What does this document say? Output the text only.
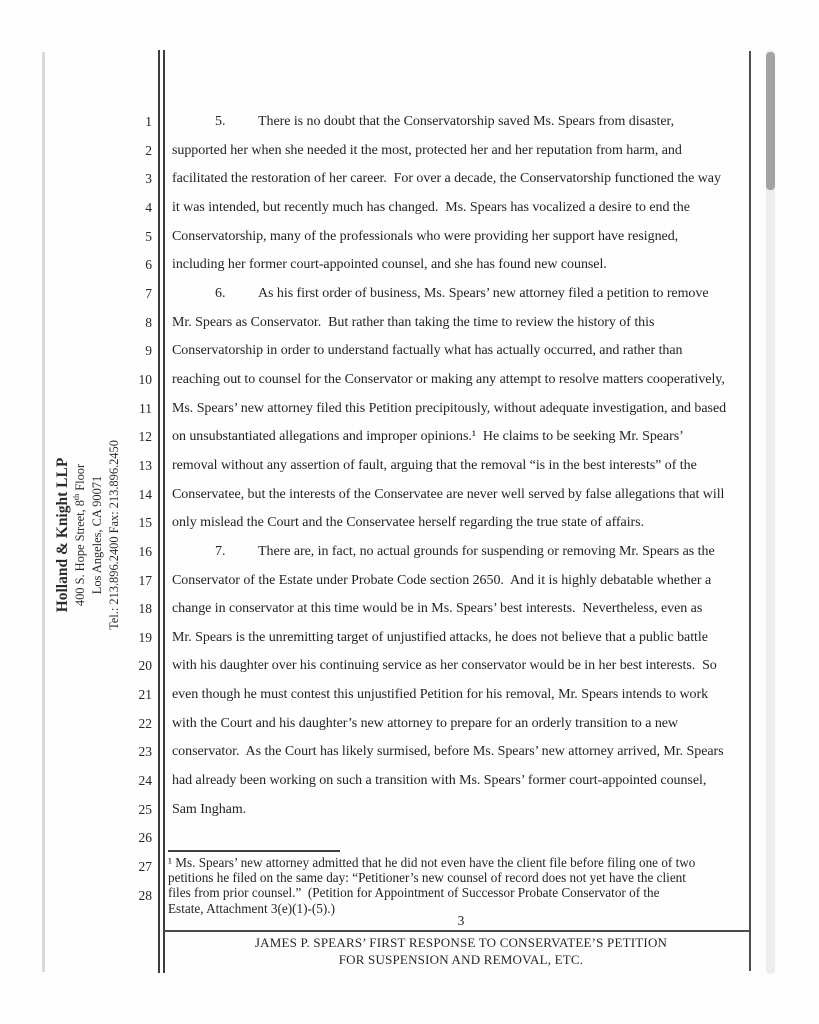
Holland & Knight LLP 400 S. Hope Street, 8th Floor Los Angeles, CA 90071 Tel.: 213.896.2400 Fax: 213.896.2450
1
2
3
4
5
6
7
8
9
10
11
12
13
14
15
16
17
18
19
20
21
22
23
24
25
26
27
28
5. There is no doubt that the Conservatorship saved Ms. Spears from disaster,
supported her when she needed it the most, protected her and her reputation from harm, and
facilitated the restoration of her career.  For over a decade, the Conservatorship functioned the way
it was intended, but recently much has changed.  Ms. Spears has vocalized a desire to end the
Conservatorship, many of the professionals who were providing her support have resigned,
including her former court-appointed counsel, and she has found new counsel.
6. As his first order of business, Ms. Spears’ new attorney filed a petition to remove
Mr. Spears as Conservator.  But rather than taking the time to review the history of this
Conservatorship in order to understand factually what has actually occurred, and rather than
reaching out to counsel for the Conservator or making any attempt to resolve matters cooperatively,
Ms. Spears’ new attorney filed this Petition precipitously, without adequate investigation, and based
on unsubstantiated allegations and improper opinions.¹  He claims to be seeking Mr. Spears’
removal without any assertion of fault, arguing that the removal “is in the best interests” of the
Conservatee, but the interests of the Conservatee are never well served by false allegations that will
only mislead the Court and the Conservatee herself regarding the true state of affairs.
7. There are, in fact, no actual grounds for suspending or removing Mr. Spears as the
Conservator of the Estate under Probate Code section 2650.  And it is highly debatable whether a
change in conservator at this time would be in Ms. Spears’ best interests.  Nevertheless, even as
Mr. Spears is the unremitting target of unjustified attacks, he does not believe that a public battle
with his daughter over his continuing service as her conservator would be in her best interests.  So
even though he must contest this unjustified Petition for his removal, Mr. Spears intends to work
with the Court and his daughter’s new attorney to prepare for an orderly transition to a new
conservator.  As the Court has likely surmised, before Ms. Spears’ new attorney arrived, Mr. Spears
had already been working on such a transition with Ms. Spears’ former court-appointed counsel,
Sam Ingham.
¹ Ms. Spears’ new attorney admitted that he did not even have the client file before filing one of two
petitions he filed on the same day: “Petitioner’s new counsel of record does not yet have the client
files from prior counsel.”  (Petition for Appointment of Successor Probate Conservator of the
Estate, Attachment 3(e)(1)-(5).)
3
JAMES P. SPEARS’ FIRST RESPONSE TO CONSERVATEE’S PETITION
FOR SUSPENSION AND REMOVAL, ETC.
